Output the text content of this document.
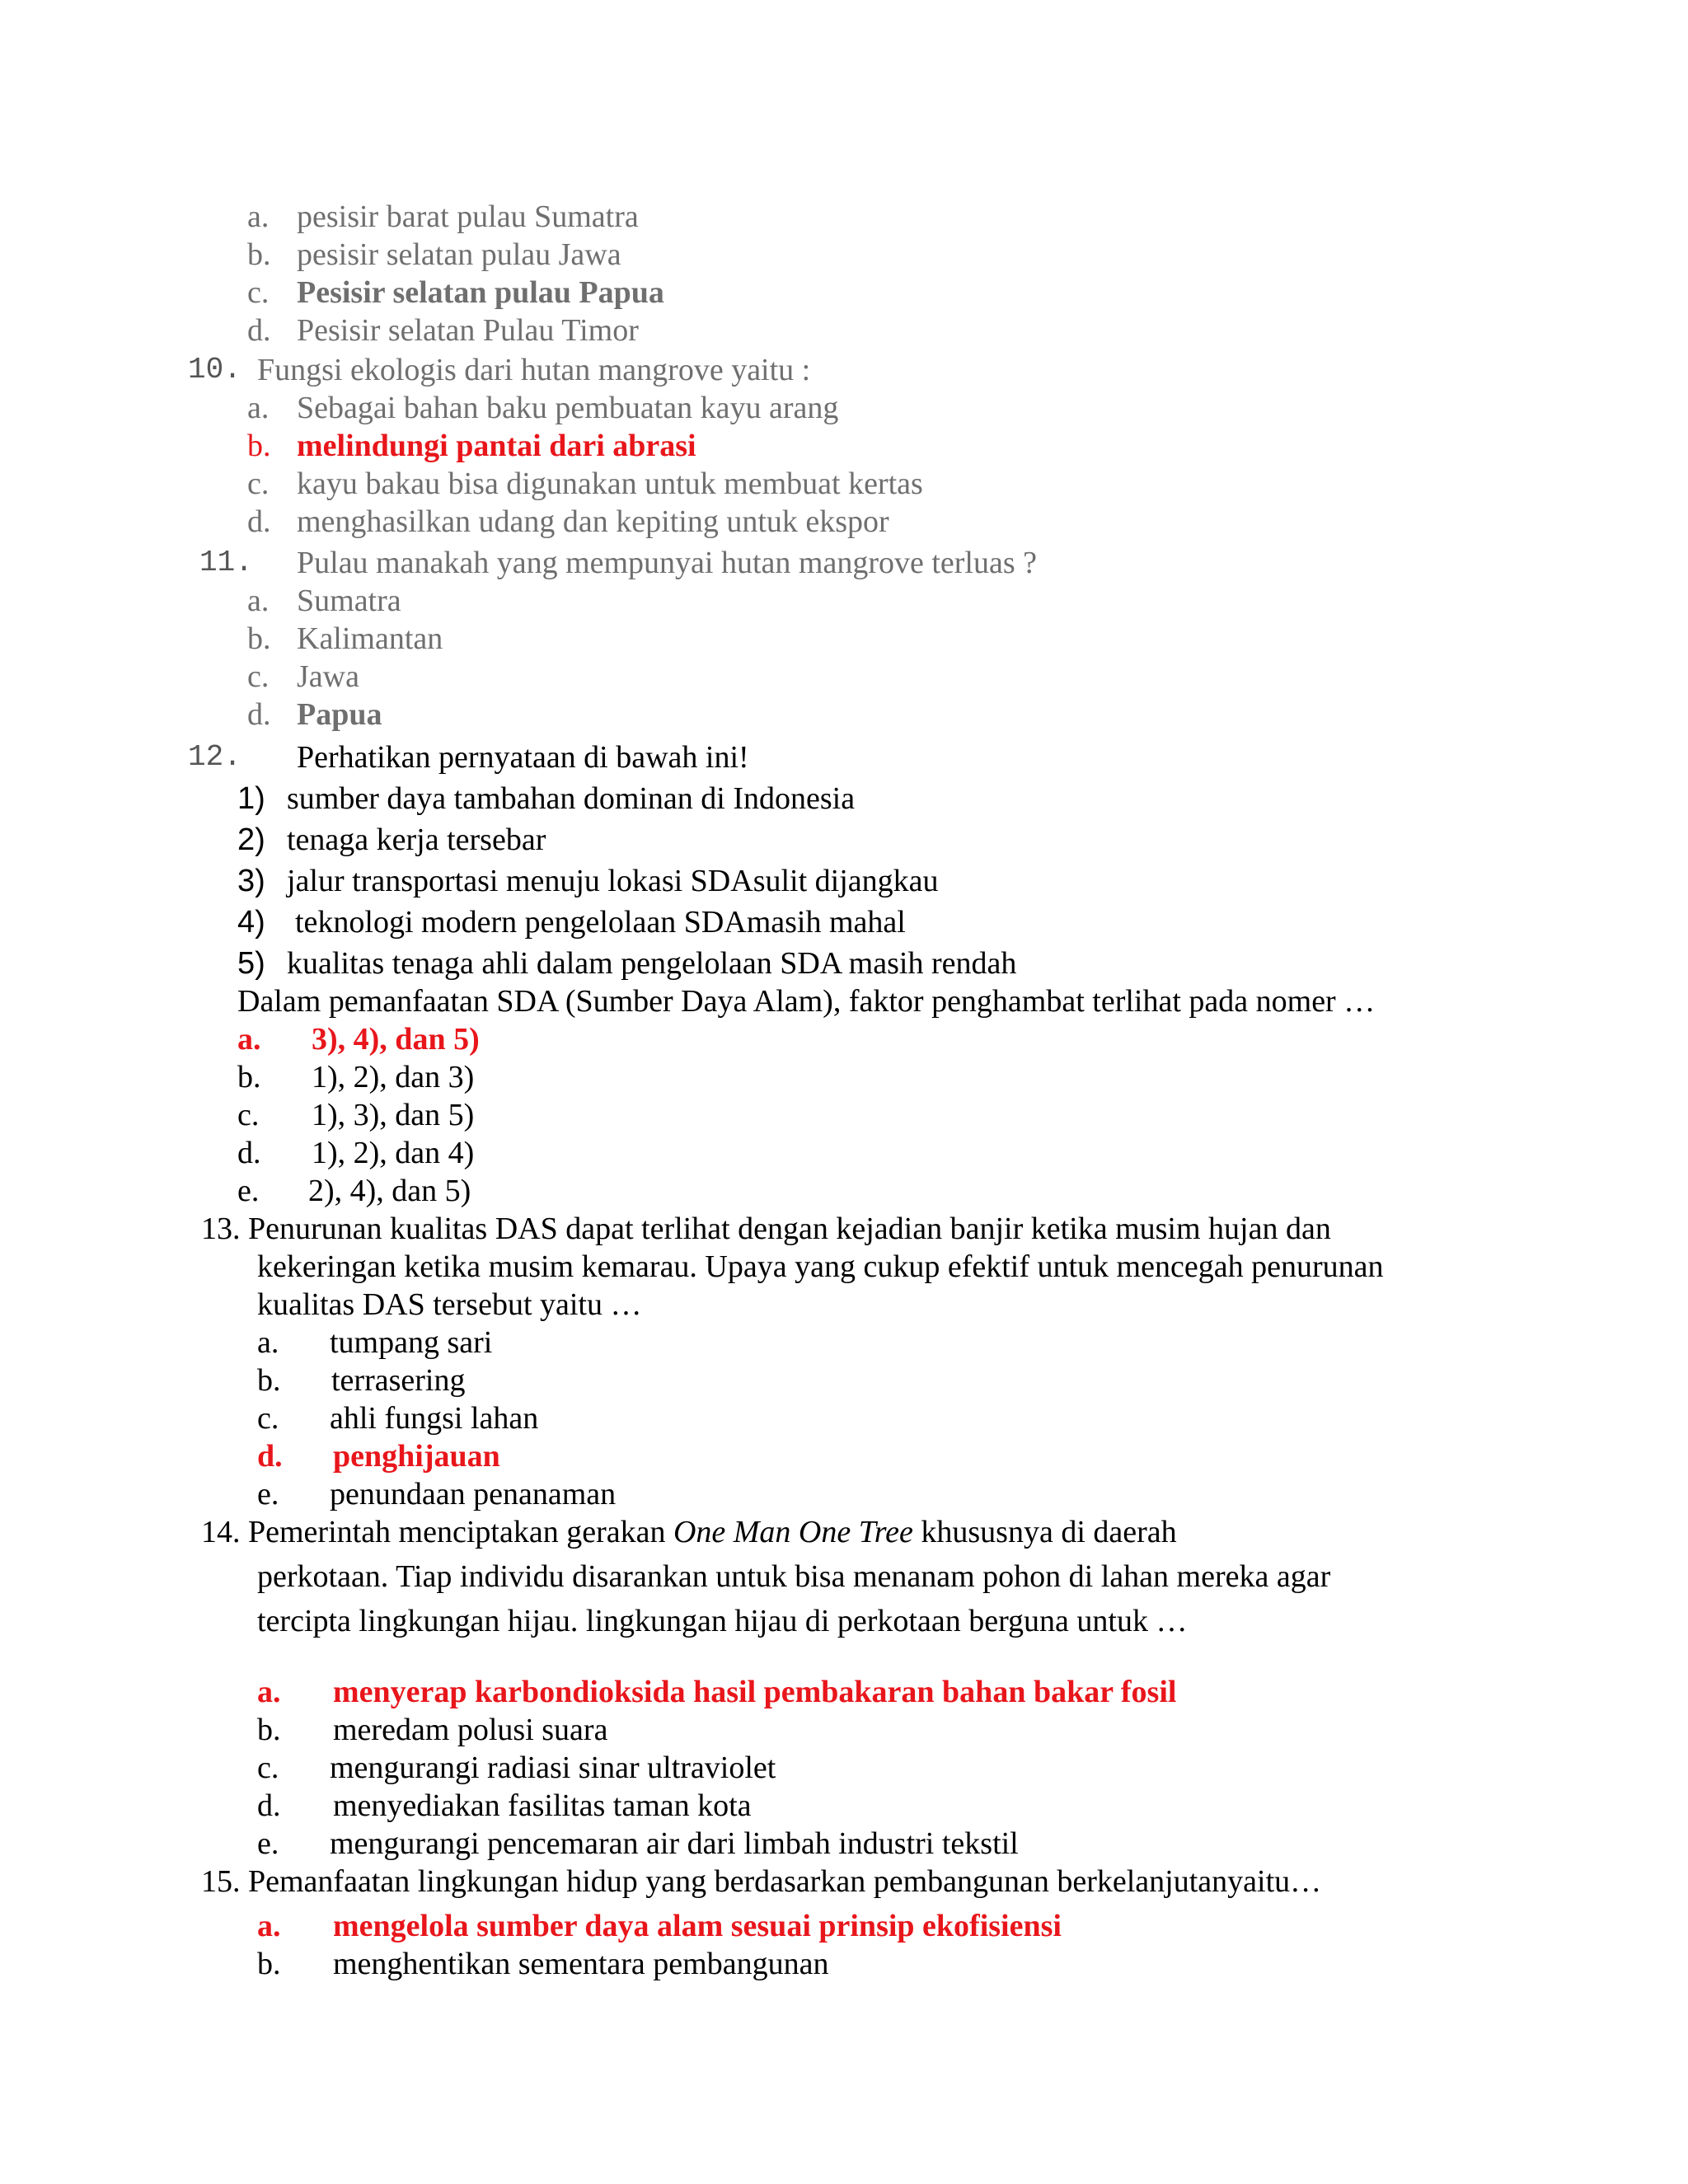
a. pesisir barat pulau Sumatra
b. pesisir selatan pulau Jawa
c. Pesisir selatan pulau Papua
d. Pesisir selatan Pulau Timor
10. Fungsi ekologis dari hutan mangrove yaitu :
a. Sebagai bahan baku pembuatan kayu arang
b. melindungi pantai dari abrasi
c. kayu bakau bisa digunakan untuk membuat kertas
d. menghasilkan udang dan kepiting untuk ekspor
11. Pulau manakah yang mempunyai hutan mangrove terluas ?
a. Sumatra
b. Kalimantan
c. Jawa
d. Papua
12. Perhatikan pernyataan di bawah ini!
1) sumber daya tambahan dominan di Indonesia
2) tenaga kerja tersebar
3) jalur transportasi menuju lokasi SDAsulit dijangkau
4) teknologi modern pengelolaan SDAmasih mahal
5) kualitas tenaga ahli dalam pengelolaan SDA masih rendah
Dalam pemanfaatan SDA (Sumber Daya Alam), faktor penghambat terlihat pada nomer …
a. 3), 4), dan 5)
b. 1), 2), dan 3)
c. 1), 3), dan 5)
d. 1), 2), dan 4)
e. 2), 4), dan 5)
13. Penurunan kualitas DAS dapat terlihat dengan kejadian banjir ketika musim hujan dan
kekeringan ketika musim kemarau. Upaya yang cukup efektif untuk mencegah penurunan
kualitas DAS tersebut yaitu …
a. tumpang sari
b. terrasering
c. ahli fungsi lahan
d. penghijauan
e. penundaan penanaman
14. Pemerintah menciptakan gerakan One Man One Tree khususnya di daerah
perkotaan. Tiap individu disarankan untuk bisa menanam pohon di lahan mereka agar
tercipta lingkungan hijau. lingkungan hijau di perkotaan berguna untuk …
a. menyerap karbondioksida hasil pembakaran bahan bakar fosil
b. meredam polusi suara
c. mengurangi radiasi sinar ultraviolet
d. menyediakan fasilitas taman kota
e. mengurangi pencemaran air dari limbah industri tekstil
15. Pemanfaatan lingkungan hidup yang berdasarkan pembangunan berkelanjutanyaitu…
a. mengelola sumber daya alam sesuai prinsip ekofisiensi
b. menghentikan sementara pembangunan
